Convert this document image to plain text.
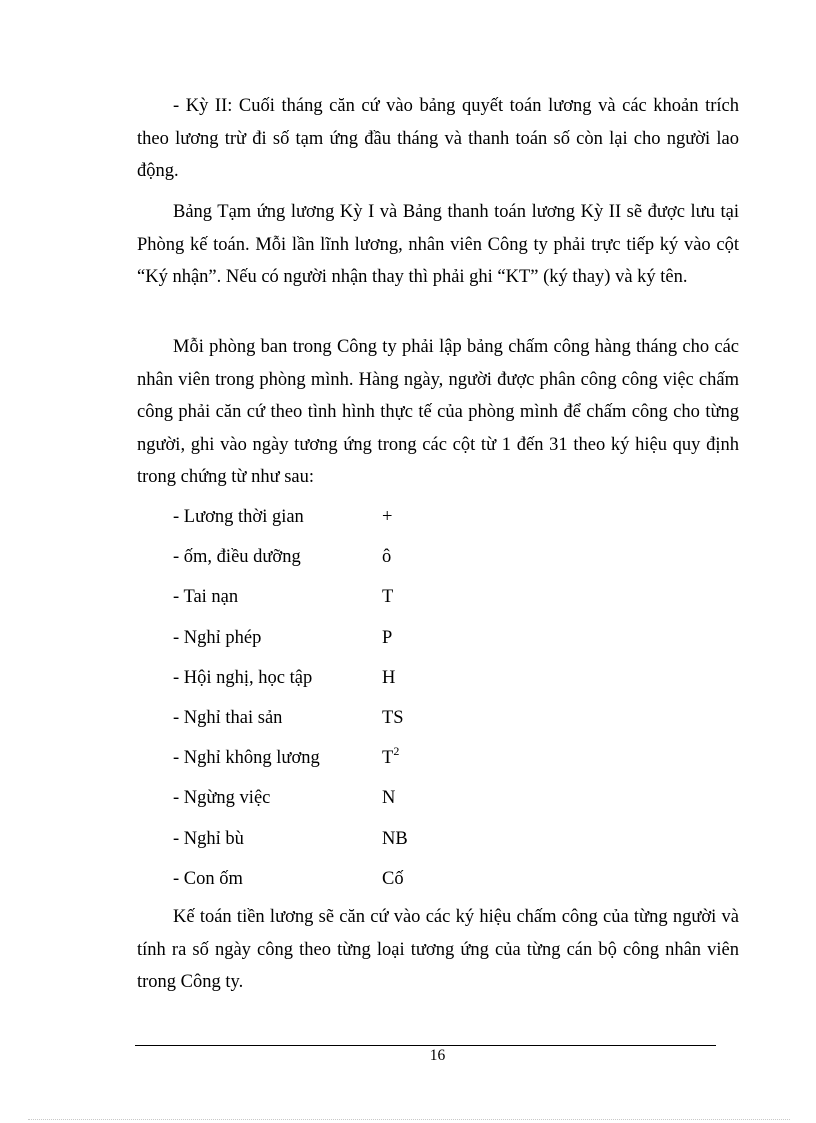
- Kỳ II: Cuối tháng căn cứ vào bảng quyết toán lương và các khoản trích theo lương trừ đi số tạm ứng đầu tháng và thanh toán số còn lại cho người lao động.

Bảng Tạm ứng lương Kỳ I và Bảng thanh toán lương Kỳ II sẽ được lưu tại Phòng kế toán. Mỗi lần lĩnh lương, nhân viên Công ty phải trực tiếp ký vào cột “Ký nhận”. Nếu có người nhận thay thì phải ghi “KT” (ký thay) và ký tên.

Mỗi phòng ban trong Công ty phải lập bảng chấm công hàng tháng cho các nhân viên trong phòng mình. Hàng ngày, người được phân công công việc chấm công phải căn cứ theo tình hình thực tế của phòng mình để chấm công cho từng người, ghi vào ngày tương ứng trong các cột từ 1 đến 31 theo ký hiệu quy định trong chứng từ như sau:

- Lương thời gian	+
- ốm, điều dưỡng	ô
- Tai nạn	T
- Nghỉ phép	P
- Hội nghị, học tập	H
- Nghỉ thai sản	TS
- Nghỉ không lương	$T^2$
- Ngừng việc	N
- Nghỉ bù	NB
- Con ốm	Cố

Kế toán tiền lương sẽ căn cứ vào các ký hiệu chấm công của từng người và tính ra số ngày công theo từng loại tương ứng của từng cán bộ công nhân viên trong Công ty.

16
